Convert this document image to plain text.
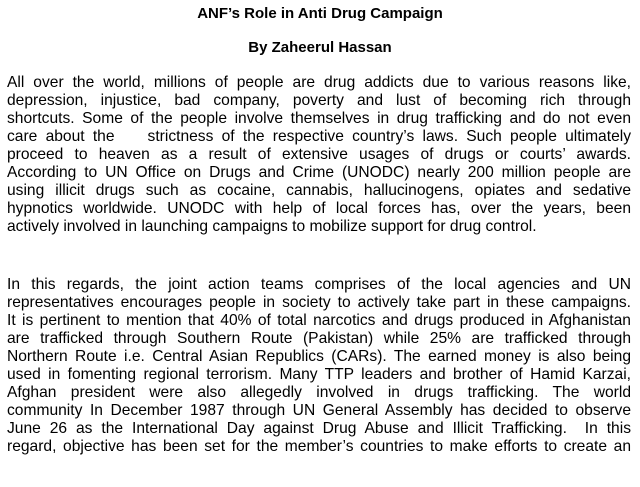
ANF’s Role in Anti Drug Campaign
By Zaheerul Hassan
All over the world, millions of people are drug addicts due to various reasons like,
depression, injustice, bad company, poverty and lust of becoming rich through
shortcuts. Some of the people involve themselves in drug trafficking and do not even
care about the    strictness of the respective country’s laws. Such people ultimately
proceed to heaven as a result of extensive usages of drugs or courts’ awards.
According to UN Office on Drugs and Crime (UNODC) nearly 200 million people are
using illicit drugs such as cocaine, cannabis, hallucinogens, opiates and sedative
hypnotics worldwide. UNODC with help of local forces has, over the years, been
actively involved in launching campaigns to mobilize support for drug control.
In this regards, the joint action teams comprises of the local agencies and UN
representatives encourages people in society to actively take part in these campaigns.
It is pertinent to mention that 40% of total narcotics and drugs produced in Afghanistan
are trafficked through Southern Route (Pakistan) while 25% are trafficked through
Northern Route i.e. Central Asian Republics (CARs). The earned money is also being
used in fomenting regional terrorism. Many TTP leaders and brother of Hamid Karzai,
Afghan president were also allegedly involved in drugs trafficking. The world
community In December 1987 through UN General Assembly has decided to observe
June 26 as the International Day against Drug Abuse and Illicit Trafficking.  In this
regard, objective has been set for the member’s countries to make efforts to create an
